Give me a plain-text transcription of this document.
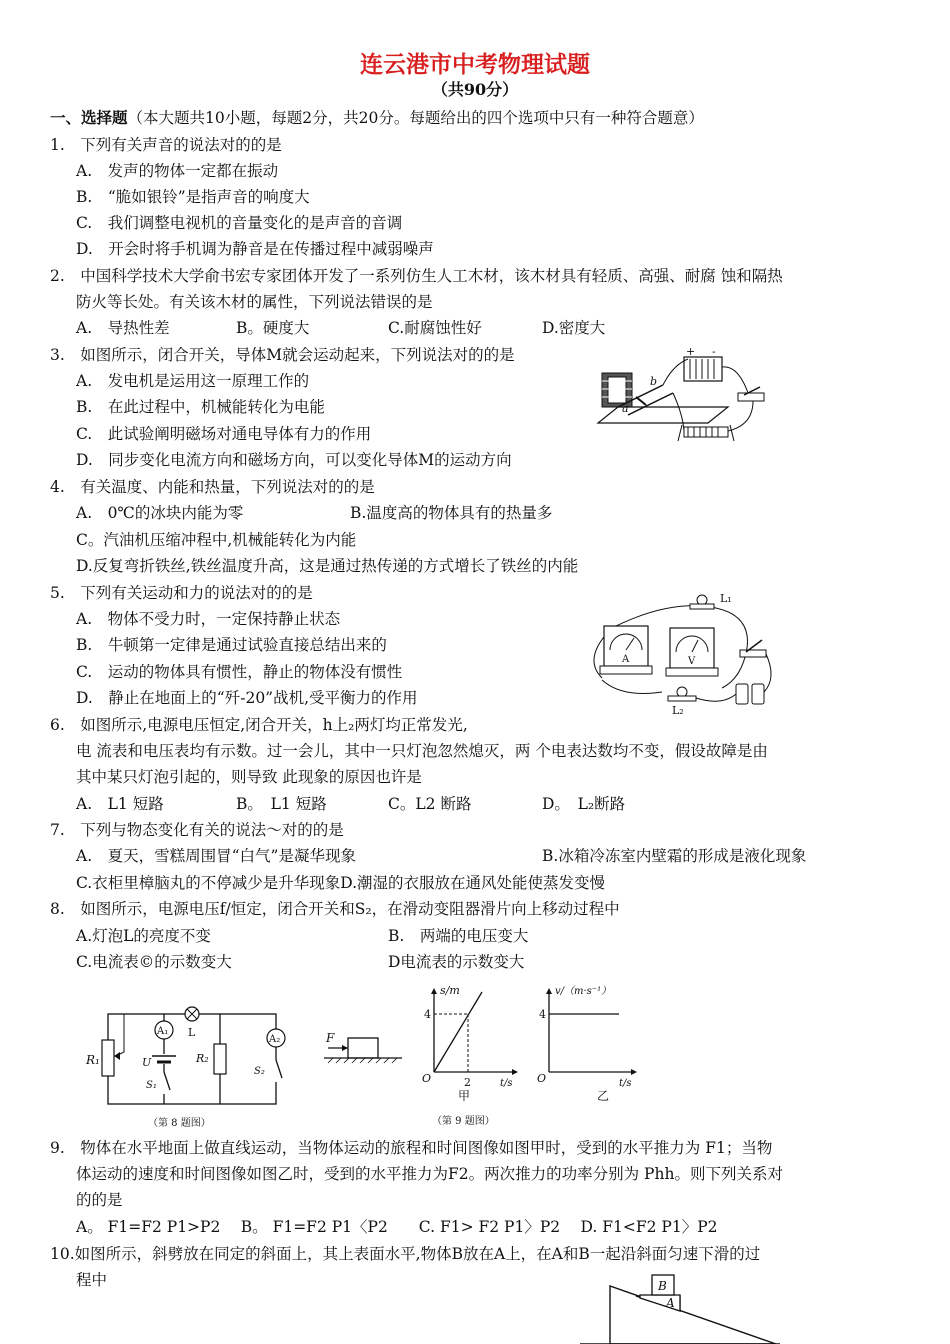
连云港市中考物理试题
（共90分）
一、选择题（本大题共10小题，每题2分，共20分。每题给出的四个选项中只有一种符合题意）
1.　下列有关声音的说法对的的是
A.　发声的物体一定都在振动
B.　“脆如银铃”是指声音的响度大
C.　我们调整电视机的音量变化的是声音的音调
D.　开会时将手机调为静音是在传播过程中减弱噪声
2.　中国科学技术大学俞书宏专家团体开发了一系列仿生人工木材，该木材具有轻质、高强、耐腐 蚀和隔热
防火等长处。有关该木材的属性，下列说法错误的是
A.　导热性差	B。硬度大	C.耐腐蚀性好	D.密度大
3.　如图所示，闭合开关，导体M就会运动起来，下列说法对的的是
A.　发电机是运用这一原理工作的
B.　在此过程中，机械能转化为电能
C.　此试验阐明磁场对通电导体有力的作用
D.　同步变化电流方向和磁场方向，可以变化导体M的运动方向
a
b
+ -
4.　有关温度、内能和热量，下列说法对的的是
A.　0℃的冰块内能为零	B.温度高的物体具有的热量多
C。汽油机压缩冲程中,机械能转化为内能
D.反复弯折铁丝,铁丝温度升高，这是通过热传递的方式增长了铁丝的内能
5.　下列有关运动和力的说法对的的是
A.　物体不受力时，一定保持静止状态
B.　牛顿第一定律是通过试验直接总结出来的
C.　运动的物体具有惯性，静止的物体没有惯性
D.　静止在地面上的“歼-20”战机,受平衡力的作用
A	V
L₁
L₂
6.　如图所示,电源电压恒定,闭合开关，h上₂两灯均正常发光,
电 流表和电压表均有示数。过一会儿，其中一只灯泡忽然熄灭，两 个电表达数均不变，假设故障是由
其中某只灯泡引起的，则导致 此现象的原因也许是
A.　L1 短路	B。　L1 短路	C。L2 断路	D。　L₂断路
7.　下列与物态变化有关的说法～对的的是
A.　夏天，雪糕周围冒“白气”是凝华现象	B.冰箱冷冻室内壁霜的形成是液化现象
C.衣柜里樟脑丸的不停减少是升华现象D.潮湿的衣服放在通风处能使蒸发变慢
8.　如图所示，电源电压f/恒定，闭合开关和S₂，在滑动变阻器滑片向上移动过程中
A.灯泡L的亮度不变	B.　两端的电压变大
C.电流表©的示数变大	D电流表的示数变大
R₁
A₁ L
U
S₁
R₂
A₂
S₂
（第 8 题图）
F
s/m
4
O	2	t/s
甲
v/（m·s⁻¹）
4
O	t/s
乙
（第 9 题图）
9.　物体在水平地面上做直线运动，当物体运动的旅程和时间图像如图甲时，受到的水平推力为 F1；当物
体运动的速度和时间图像如图乙时，受到的水平推力为F2。两次推力的功率分别为 Phh。则下列关系对
的的是
A。 F1=F2 P1>P2　 B。 F1=F2 P1〈P2　　C. F1> F2 P1〉P2　 D. F1<F2 P1〉P2
10.如图所示，斜劈放在同定的斜面上，其上表面水平,物体B放在A上，在A和B一起沿斜面匀速下滑的过
程中	B
A
